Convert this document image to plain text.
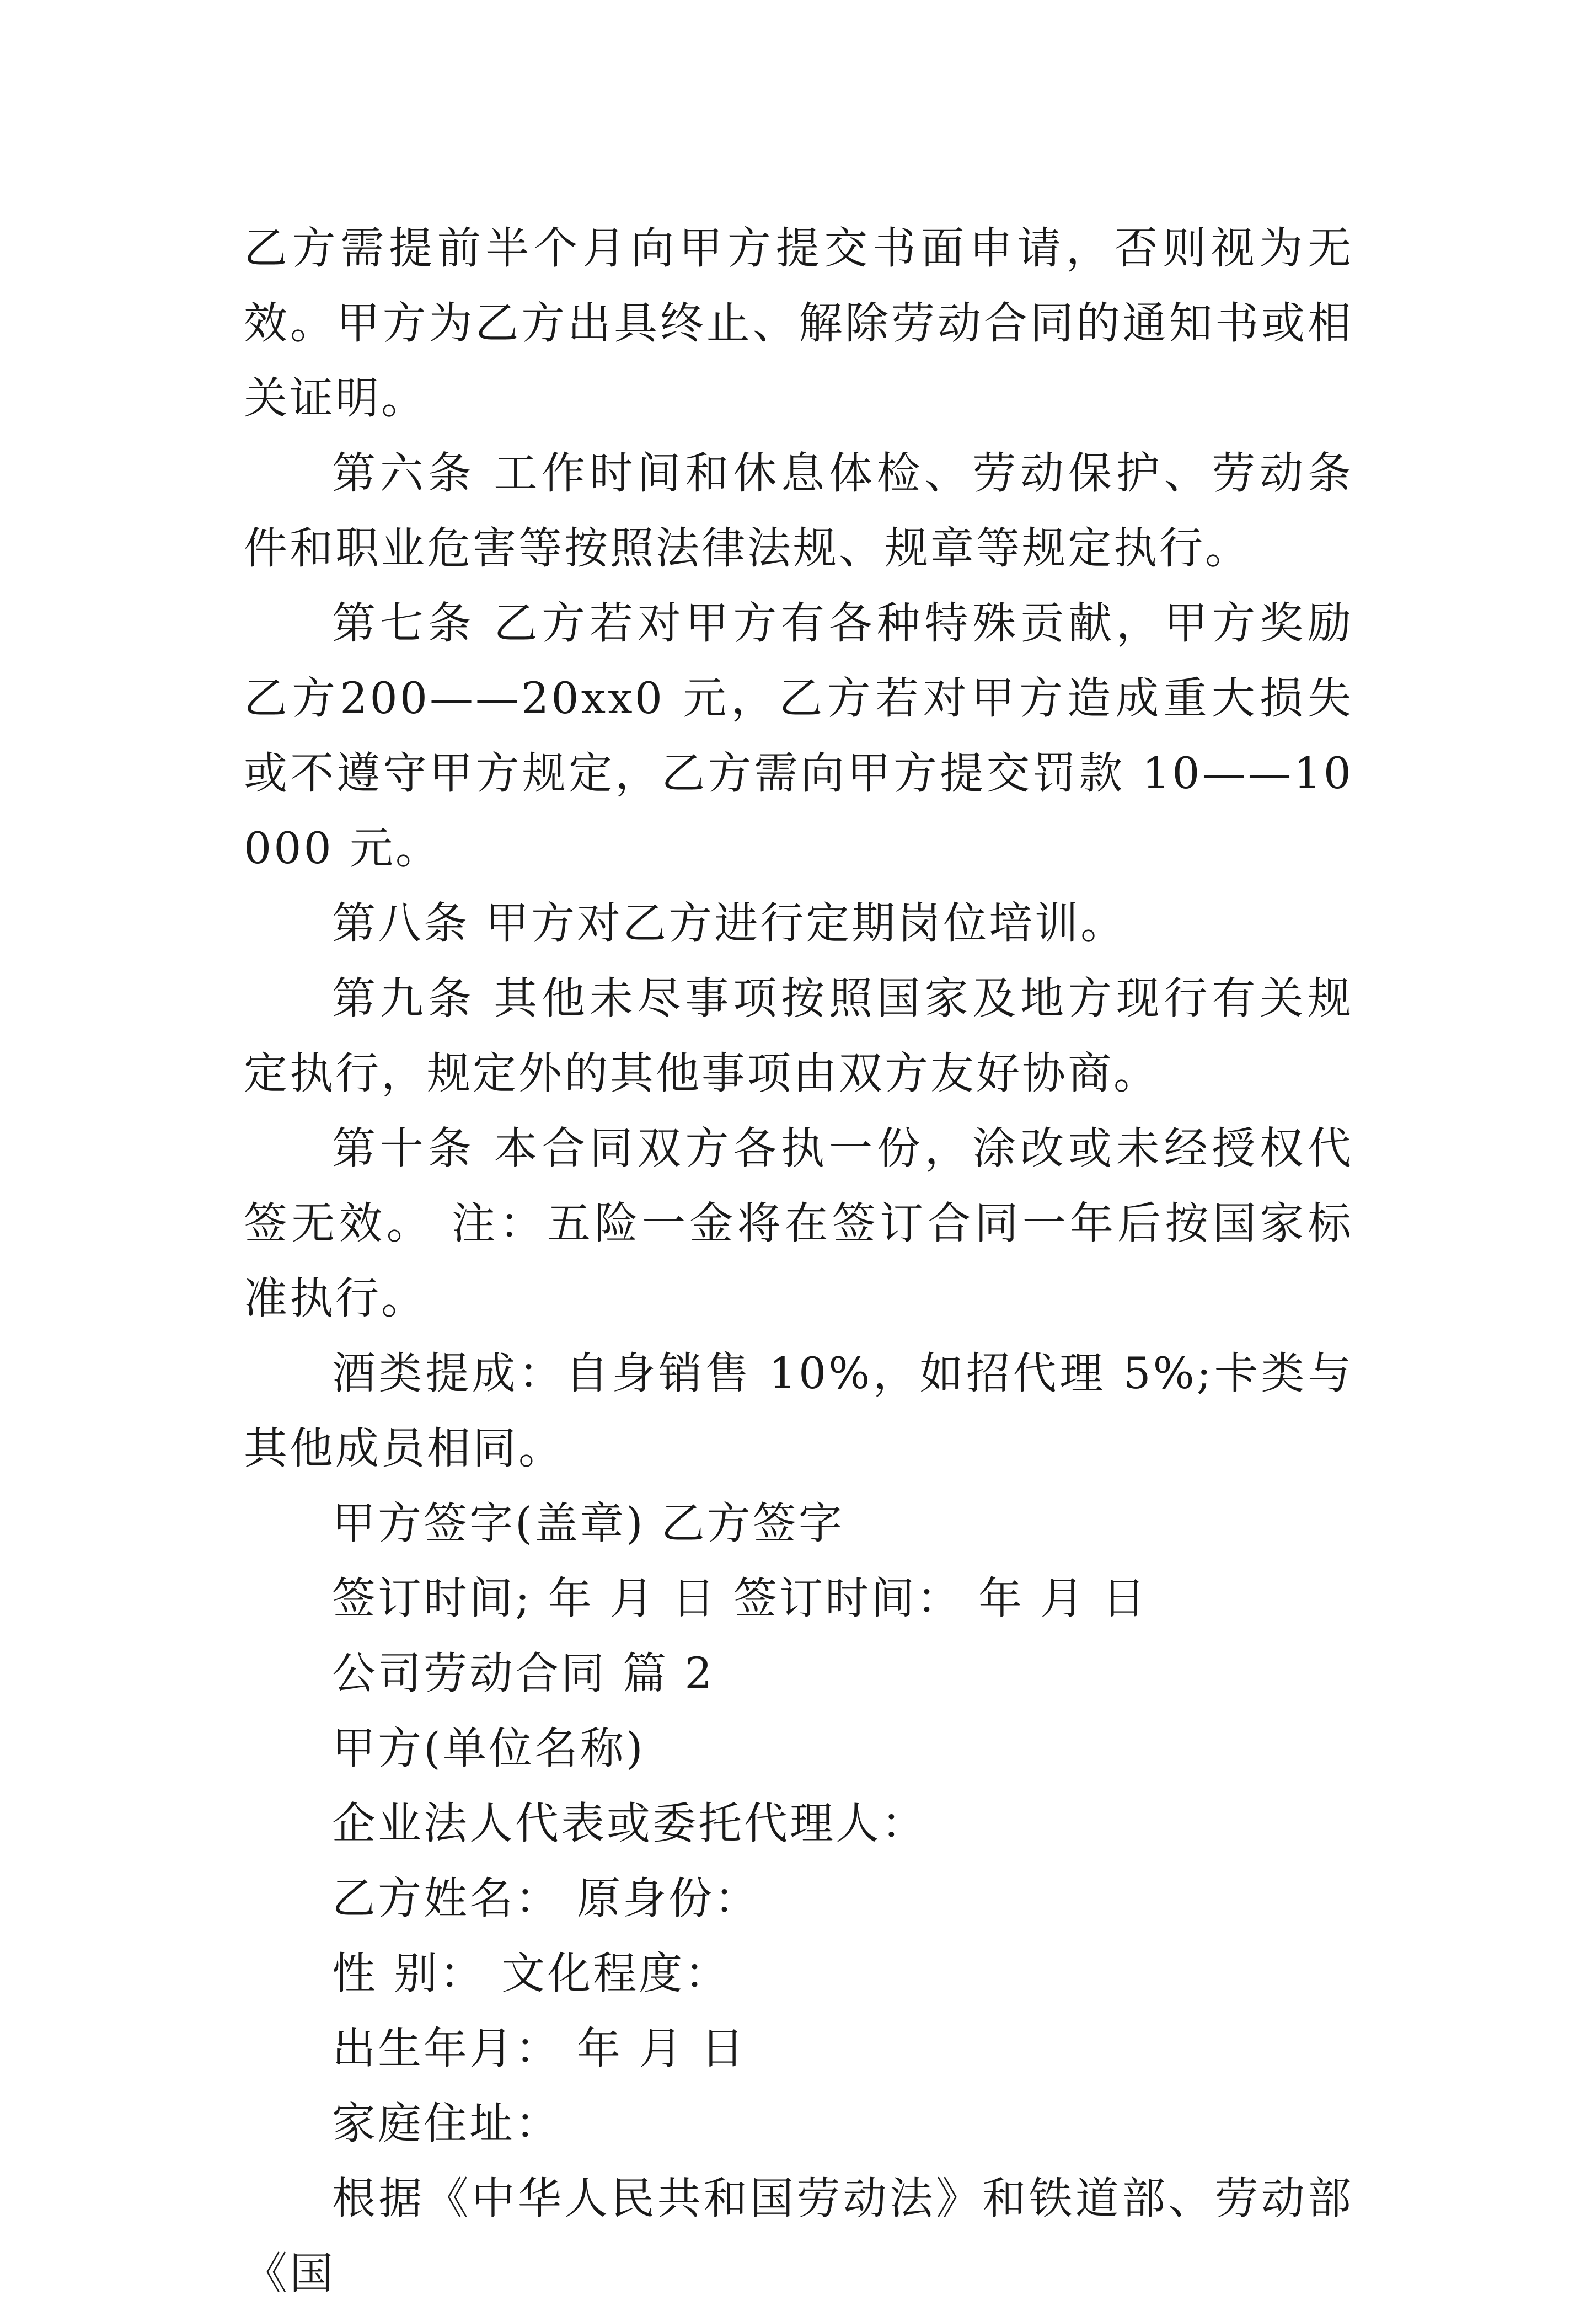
乙方需提前半个月向甲方提交书面申请，否则视为无效。甲方为乙方出具终止、解除劳动合同的通知书或相关证明。

第六条 工作时间和休息体检、劳动保护、劳动条件和职业危害等按照法律法规、规章等规定执行。

第七条 乙方若对甲方有各种特殊贡献，甲方奖励乙方200——20xx0 元，乙方若对甲方造成重大损失或不遵守甲方规定，乙方需向甲方提交罚款 10——10000 元。

第八条 甲方对乙方进行定期岗位培训。

第九条 其他未尽事项按照国家及地方现行有关规定执行，规定外的其他事项由双方友好协商。

第十条 本合同双方各执一份，涂改或未经授权代签无效。 注：五险一金将在签订合同一年后按国家标准执行。

酒类提成：自身销售 10%，如招代理 5%;卡类与其他成员相同。

甲方签字(盖章) 乙方签字

签订时间; 年 月 日 签订时间： 年 月 日

公司劳动合同 篇 2

甲方(单位名称)

企业法人代表或委托代理人：

乙方姓名： 原身份：

性 别： 文化程度：

出生年月： 年 月 日

家庭住址：

根据《中华人民共和国劳动法》和铁道部、劳动部《国
